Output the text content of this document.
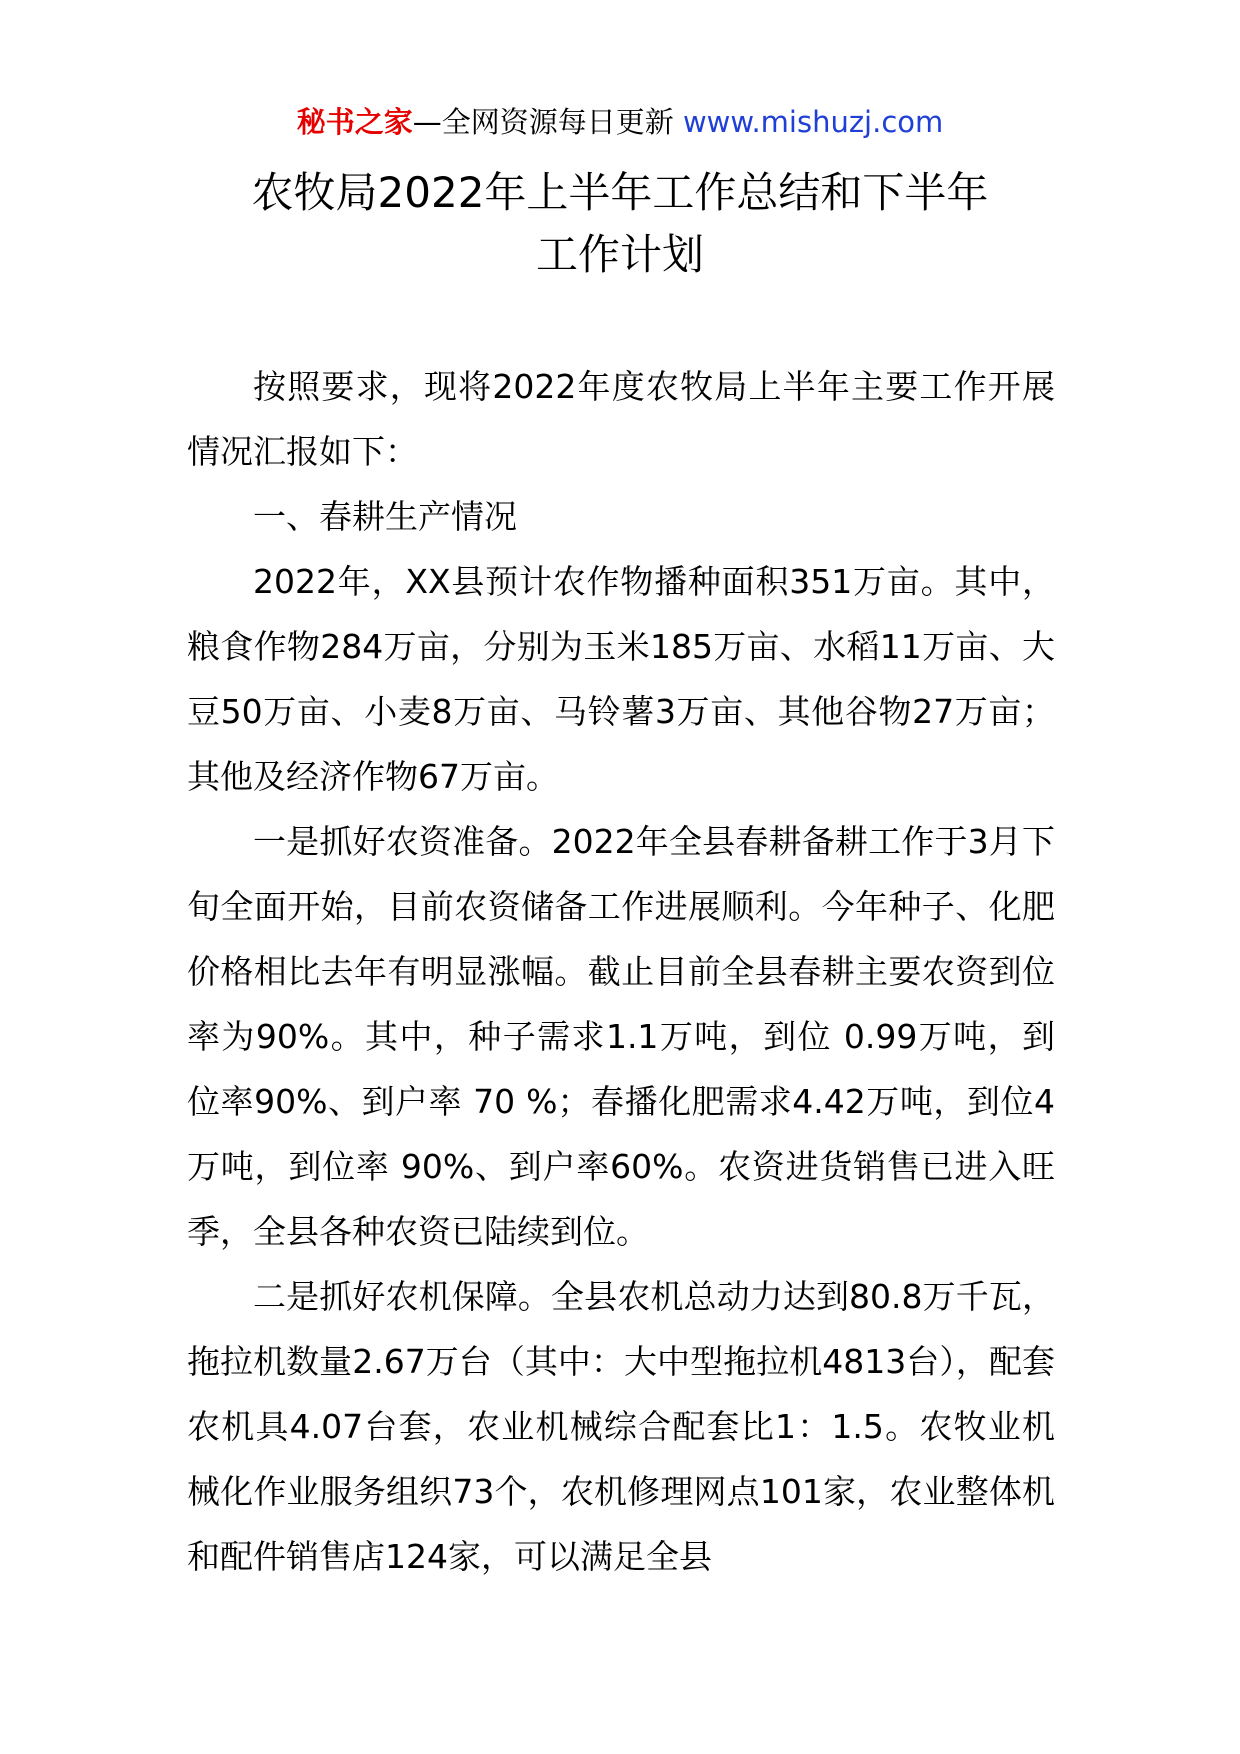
秘书之家—全网资源每日更新 www.mishuzj.com
农牧局2022年上半年工作总结和下半年
工作计划

按照要求，现将2022年度农牧局上半年主要工作开展情况汇报如下：

一、春耕生产情况

2022年，XX县预计农作物播种面积351万亩。其中，粮食作物284万亩，分别为玉米185万亩、水稻11万亩、大豆50万亩、小麦8万亩、马铃薯3万亩、其他谷物27万亩；其他及经济作物67万亩。

一是抓好农资准备。2022年全县春耕备耕工作于3月下旬全面开始，目前农资储备工作进展顺利。今年种子、化肥价格相比去年有明显涨幅。截止目前全县春耕主要农资到位率为90%。其中，种子需求1.1万吨，到位 0.99万吨，到位率90%、到户率 70 %；春播化肥需求4.42万吨，到位4万吨，到位率 90%、到户率60%。农资进货销售已进入旺季，全县各种农资已陆续到位。

二是抓好农机保障。全县农机总动力达到80.8万千瓦，拖拉机数量2.67万台（其中：大中型拖拉机4813台），配套农机具4.07台套，农业机械综合配套比1：1.5。农牧业机械化作业服务组织73个，农机修理网点101家，农业整体机和配件销售店124家，可以满足全县
